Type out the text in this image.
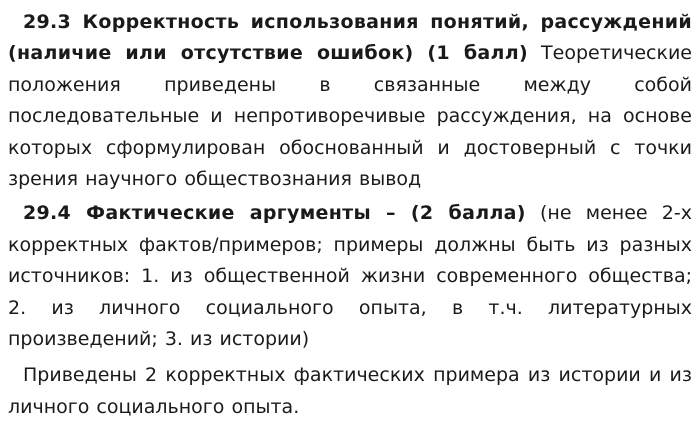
29.3 Корректность использования понятий, рассуждений (наличие или отсутствие ошибок) (1 балл) Теоретические положения приведены в связанные между собой последовательные и непротиворечивые рассуждения, на основе которых сформулирован обоснованный и достоверный с точки зрения научного обществознания вывод

29.4 Фактические аргументы – (2 балла) (не менее 2-х корректных фактов/примеров; примеры должны быть из разных источников: 1. из общественной жизни современного общества; 2. из личного социального опыта, в т.ч. литературных произведений; 3. из истории)

Приведены 2 корректных фактических примера из истории и из личного социального опыта.
